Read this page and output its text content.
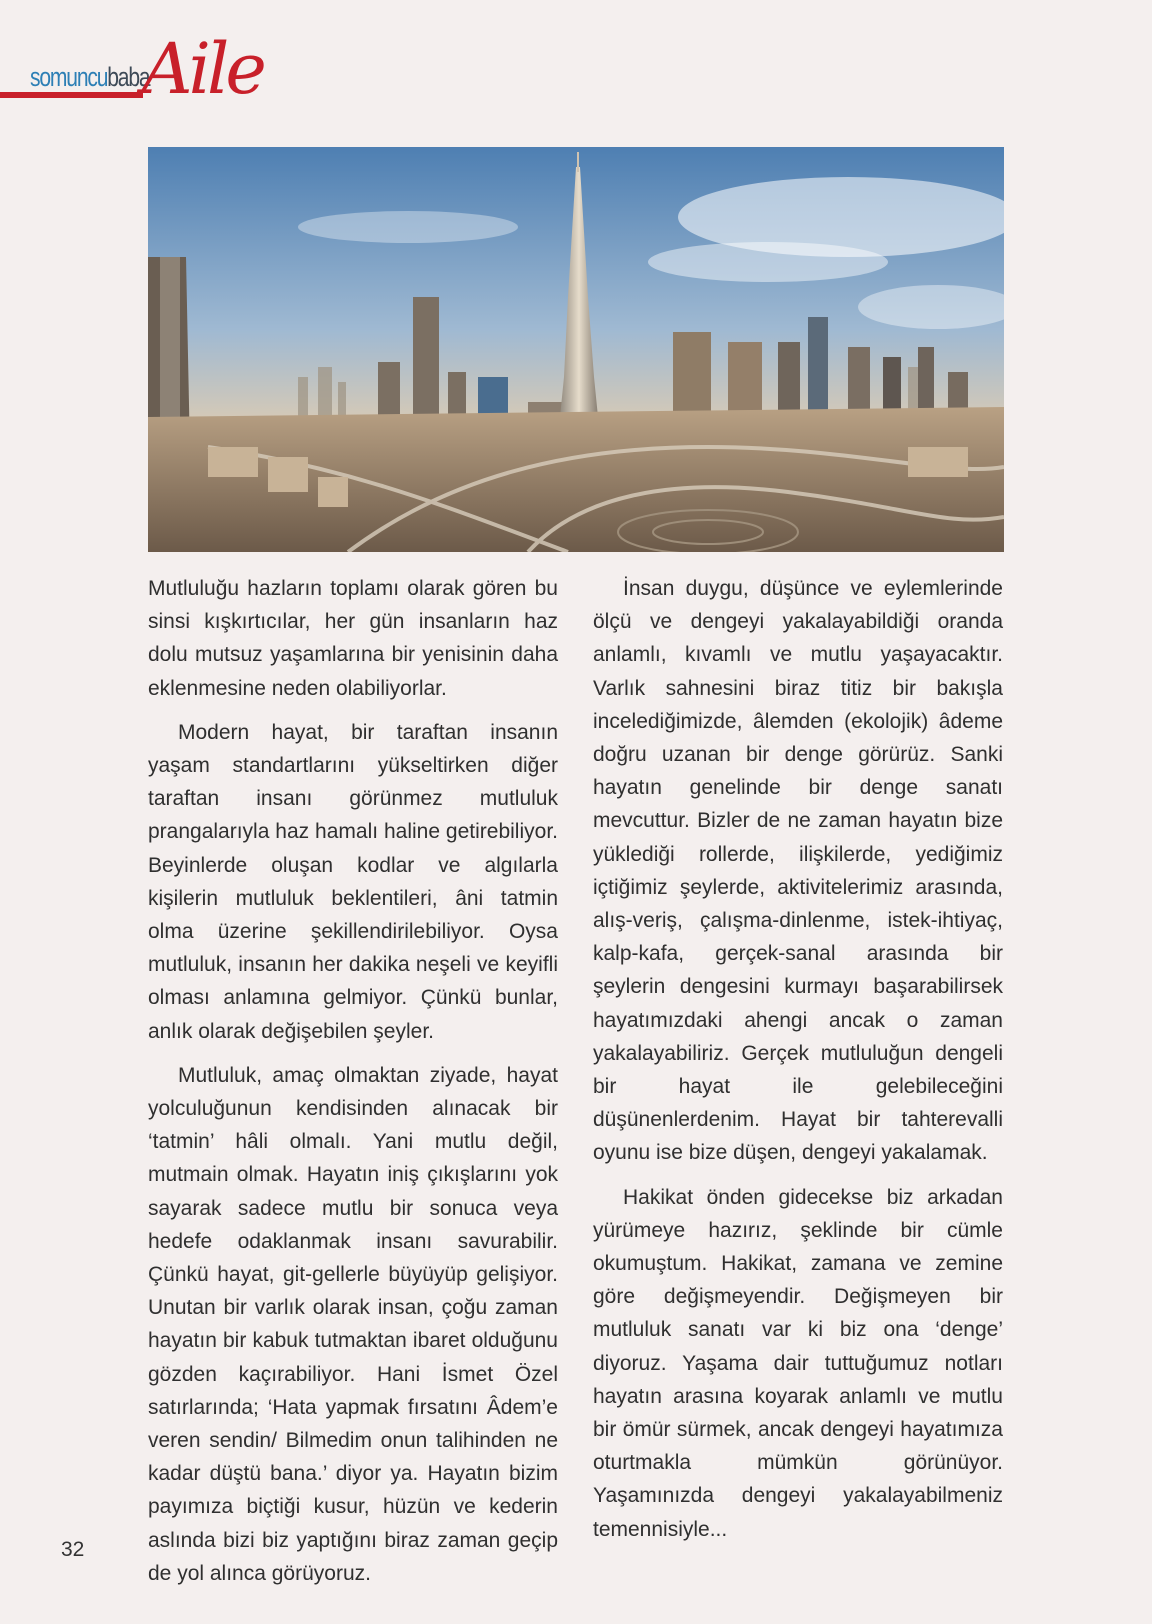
somuncubaba
Aile

Mutluluğu hazların toplamı olarak gören bu sinsi kışkırtıcılar, her gün insanların haz dolu mutsuz yaşamlarına bir yenisinin daha eklenmesine neden olabiliyorlar.

Modern hayat, bir taraftan insanın yaşam standartlarını yükseltirken diğer taraftan insanı görünmez mutluluk prangalarıyla haz hamalı haline getirebiliyor. Beyinlerde oluşan kodlar ve algılarla kişilerin mutluluk beklentileri, âni tatmin olma üzerine şekillendirilebiliyor. Oysa mutluluk, insanın her dakika neşeli ve keyifli olması anlamına gelmiyor. Çünkü bunlar, anlık olarak değişebilen şeyler.

Mutluluk, amaç olmaktan ziyade, hayat yolculuğunun kendisinden alınacak bir ‘tatmin’ hâli olmalı. Yani mutlu değil, mutmain olmak. Hayatın iniş çıkışlarını yok sayarak sadece mutlu bir sonuca veya hedefe odaklanmak insanı savurabilir. Çünkü hayat, git-gellerle büyüyüp gelişiyor. Unutan bir varlık olarak insan, çoğu zaman hayatın bir kabuk tutmaktan ibaret olduğunu gözden kaçırabiliyor. Hani İsmet Özel satırlarında; ‘Hata yapmak fırsatını Âdem’e veren sendin/ Bilmedim onun talihinden ne kadar düştü bana.’ diyor ya. Hayatın bizim payımıza biçtiği kusur, hüzün ve kederin aslında bizi biz yaptığını biraz zaman geçip de yol alınca görüyoruz.

İnsan duygu, düşünce ve eylemlerinde ölçü ve dengeyi yakalayabildiği oranda anlamlı, kıvamlı ve mutlu yaşayacaktır. Varlık sahnesini biraz titiz bir bakışla incelediğimizde, âlemden (ekolojik) âdeme doğru uzanan bir denge görürüz. Sanki hayatın genelinde bir denge sanatı mevcuttur. Bizler de ne zaman hayatın bize yüklediği rollerde, ilişkilerde, yediğimiz içtiğimiz şeylerde, aktivitelerimiz arasında, alış-veriş, çalışma-dinlenme, istek-ihtiyaç, kalp-kafa, gerçek-sanal arasında bir şeylerin dengesini kurmayı başarabilirsek hayatımızdaki ahengi ancak o zaman yakalayabiliriz. Gerçek mutluluğun dengeli bir hayat ile gelebileceğini düşünenlerdenim. Hayat bir tahterevalli oyunu ise bize düşen, dengeyi yakalamak.

Hakikat önden gidecekse biz arkadan yürümeye hazırız, şeklinde bir cümle okumuştum. Hakikat, zamana ve zemine göre değişmeyendir. Değişmeyen bir mutluluk sanatı var ki biz ona ‘denge’ diyoruz. Yaşama dair tuttuğumuz notları hayatın arasına koyarak anlamlı ve mutlu bir ömür sürmek, ancak dengeyi hayatımıza oturtmakla mümkün görünüyor. Yaşamınızda dengeyi yakalayabilmeniz temennisiyle...

32
